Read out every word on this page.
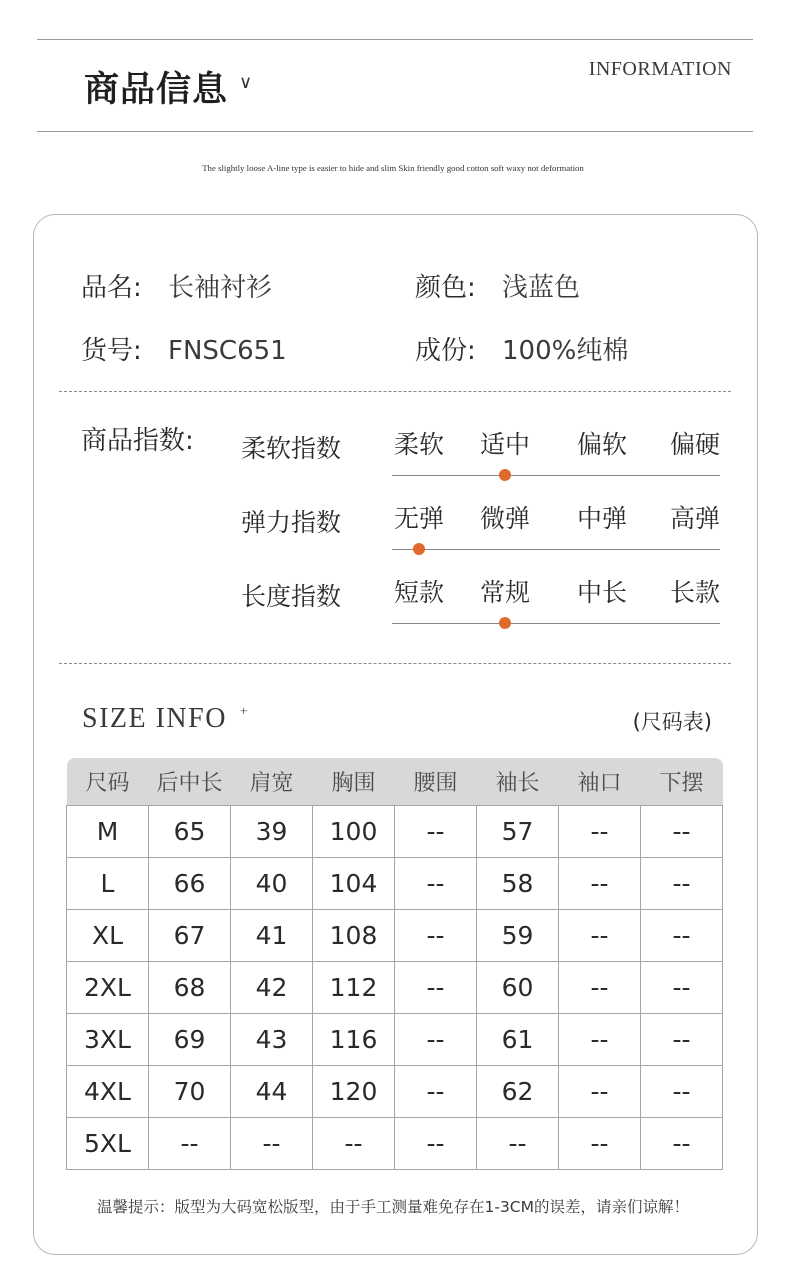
商品信息 ∨
INFORMATION
The slightly loose A-line type is easier to hide and slim Skin friendly good cotton soft waxy not deformation
品名: 长袖衬衫	颜色: 浅蓝色
货号: FNSC651	成份: 100%纯棉
商品指数: 柔软指数	柔软	适中	偏软	偏硬
弹力指数	无弹	微弹	中弹	高弹
长度指数	短款	常规	中长	长款
SIZE INFO +	(尺码表)
尺码	后中长	肩宽	胸围	腰围	袖长	袖口	下摆
M	65	39	100	--	57	--	--
L	66	40	104	--	58	--	--
XL	67	41	108	--	59	--	--
2XL	68	42	112	--	60	--	--
3XL	69	43	116	--	61	--	--
4XL	70	44	120	--	62	--	--
5XL	--	--	--	--	--	--	--
温馨提示：版型为大码宽松版型，由于手工测量难免存在1-3CM的误差，请亲们谅解！
